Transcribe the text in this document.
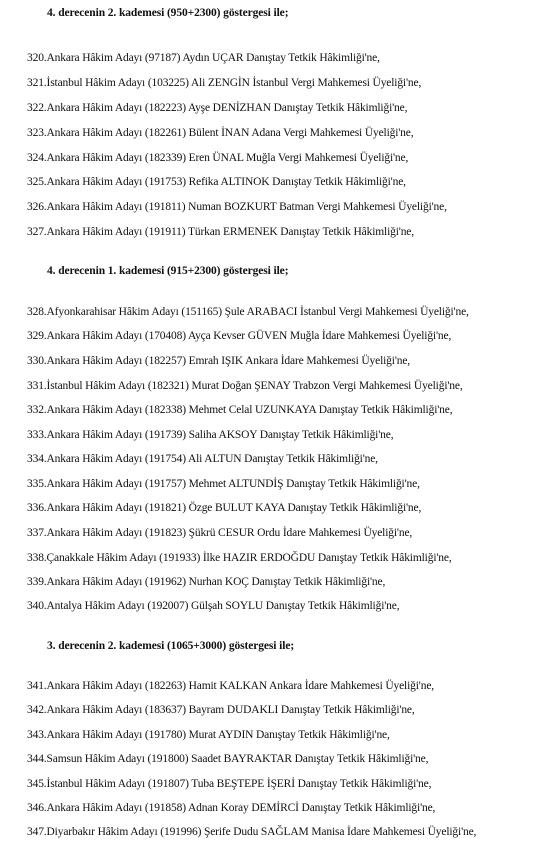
4. derecenin 2. kademesi (950+2300) göstergesi ile;
320.Ankara Hâkim Adayı (97187) Aydın UÇAR Danıştay Tetkik Hâkimliği'ne,
321.İstanbul Hâkim Adayı (103225) Ali ZENGİN İstanbul Vergi Mahkemesi Üyeliği'ne,
322.Ankara Hâkim Adayı (182223) Ayşe DENİZHAN Danıştay Tetkik Hâkimliği'ne,
323.Ankara Hâkim Adayı (182261) Bülent İNAN Adana Vergi Mahkemesi Üyeliği'ne,
324.Ankara Hâkim Adayı (182339) Eren ÜNAL Muğla Vergi Mahkemesi Üyeliği'ne,
325.Ankara Hâkim Adayı (191753) Refika ALTINOK Danıştay Tetkik Hâkimliği'ne,
326.Ankara Hâkim Adayı (191811) Numan BOZKURT Batman Vergi Mahkemesi Üyeliği'ne,
327.Ankara Hâkim Adayı (191911) Türkan ERMENEK Danıştay Tetkik Hâkimliği'ne,
4. derecenin 1. kademesi (915+2300) göstergesi ile;
328.Afyonkarahisar Hâkim Adayı (151165) Şule ARABACI İstanbul Vergi Mahkemesi Üyeliği'ne,
329.Ankara Hâkim Adayı (170408) Ayça Kevser GÜVEN Muğla İdare Mahkemesi Üyeliği'ne,
330.Ankara Hâkim Adayı (182257) Emrah IŞIK Ankara İdare Mahkemesi Üyeliği'ne,
331.İstanbul Hâkim Adayı (182321) Murat Doğan ŞENAY Trabzon Vergi Mahkemesi Üyeliği'ne,
332.Ankara Hâkim Adayı (182338) Mehmet Celal UZUNKAYA Danıştay Tetkik Hâkimliği'ne,
333.Ankara Hâkim Adayı (191739) Saliha AKSOY Danıştay Tetkik Hâkimliği'ne,
334.Ankara Hâkim Adayı (191754) Ali ALTUN Danıştay Tetkik Hâkimliği'ne,
335.Ankara Hâkim Adayı (191757) Mehmet ALTUNDİŞ Danıştay Tetkik Hâkimliği'ne,
336.Ankara Hâkim Adayı (191821) Özge BULUT KAYA Danıştay Tetkik Hâkimliği'ne,
337.Ankara Hâkim Adayı (191823) Şükrü CESUR Ordu İdare Mahkemesi Üyeliği'ne,
338.Çanakkale Hâkim Adayı (191933) İlke HAZIR ERDOĞDU Danıştay Tetkik Hâkimliği'ne,
339.Ankara Hâkim Adayı (191962) Nurhan KOÇ Danıştay Tetkik Hâkimliği'ne,
340.Antalya Hâkim Adayı (192007) Gülşah SOYLU Danıştay Tetkik Hâkimliği'ne,
3. derecenin 2. kademesi (1065+3000) göstergesi ile;
341.Ankara Hâkim Adayı (182263) Hamit KALKAN Ankara İdare Mahkemesi Üyeliği'ne,
342.Ankara Hâkim Adayı (183637) Bayram DUDAKLI Danıştay Tetkik Hâkimliği'ne,
343.Ankara Hâkim Adayı (191780) Murat AYDIN Danıştay Tetkik Hâkimliği'ne,
344.Samsun Hâkim Adayı (191800) Saadet BAYRAKTAR Danıştay Tetkik Hâkimliği'ne,
345.İstanbul Hâkim Adayı (191807) Tuba BEŞTEPE İŞERİ Danıştay Tetkik Hâkimliği'ne,
346.Ankara Hâkim Adayı (191858) Adnan Koray DEMİRCİ Danıştay Tetkik Hâkimliği'ne,
347.Diyarbakır Hâkim Adayı (191996) Şerife Dudu SAĞLAM Manisa İdare Mahkemesi Üyeliği'ne,
